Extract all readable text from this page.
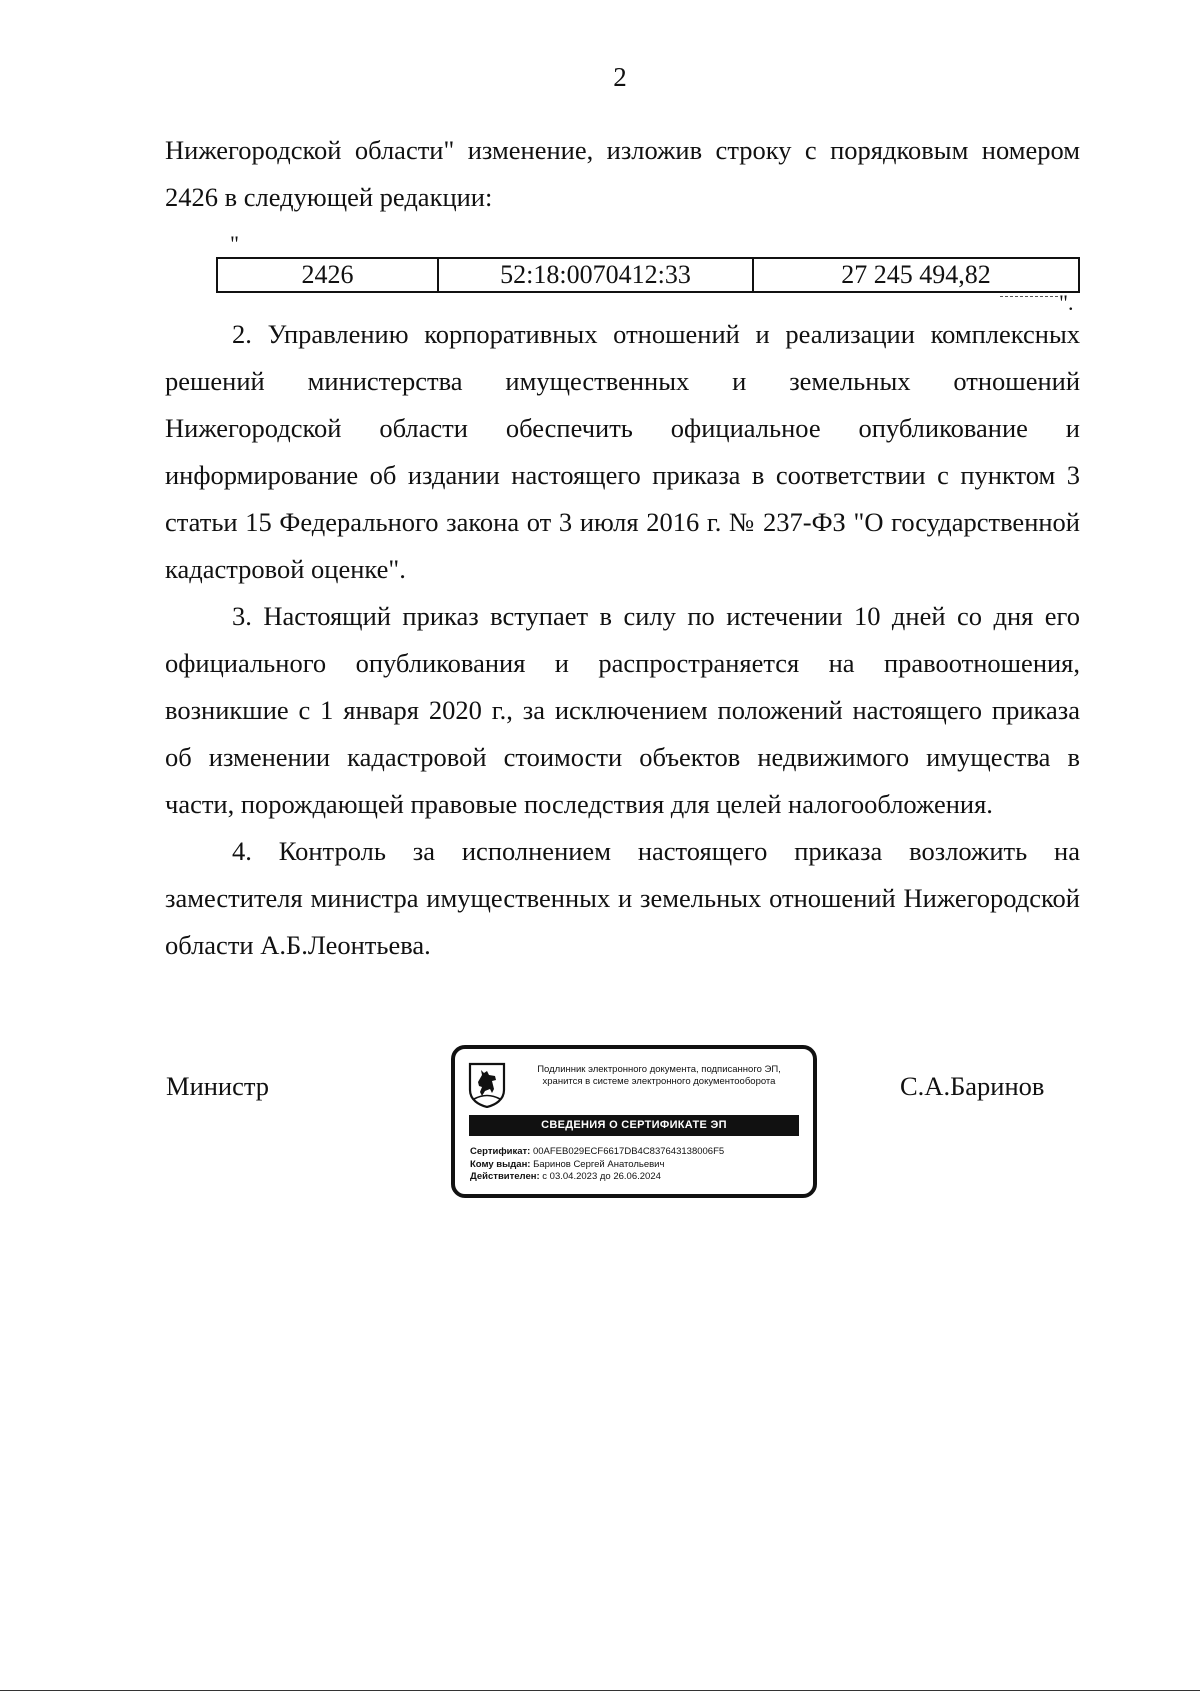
2

Нижегородской области" изменение, изложив строку с порядковым номером 2426 в следующей редакции:

"
2426	52:18:0070412:33	27 245 494,82
".

2. Управлению корпоративных отношений и реализации комплексных решений министерства имущественных и земельных отношений Нижегородской области обеспечить официальное опубликование и информирование об издании настоящего приказа в соответствии с пунктом 3 статьи 15 Федерального закона от 3 июля 2016 г. № 237-ФЗ "О государственной кадастровой оценке".

3. Настоящий приказ вступает в силу по истечении 10 дней со дня его официального опубликования и распространяется на правоотношения, возникшие с 1 января 2020 г., за исключением положений настоящего приказа об изменении кадастровой стоимости объектов недвижимого имущества в части, порождающей правовые последствия для целей налогообложения.

4. Контроль за исполнением настоящего приказа возложить на заместителя министра имущественных и земельных отношений Нижегородской области А.Б.Леонтьева.

Министр	С.А.Баринов
Подлинник электронного документа, подписанного ЭП,
хранится в системе электронного документооборота
СВЕДЕНИЯ О СЕРТИФИКАТЕ ЭП
Сертификат: 00AFEB029ECF6617DB4C837643138006F5
Кому выдан: Баринов Сергей Анатольевич
Действителен: с 03.04.2023 до 26.06.2024
